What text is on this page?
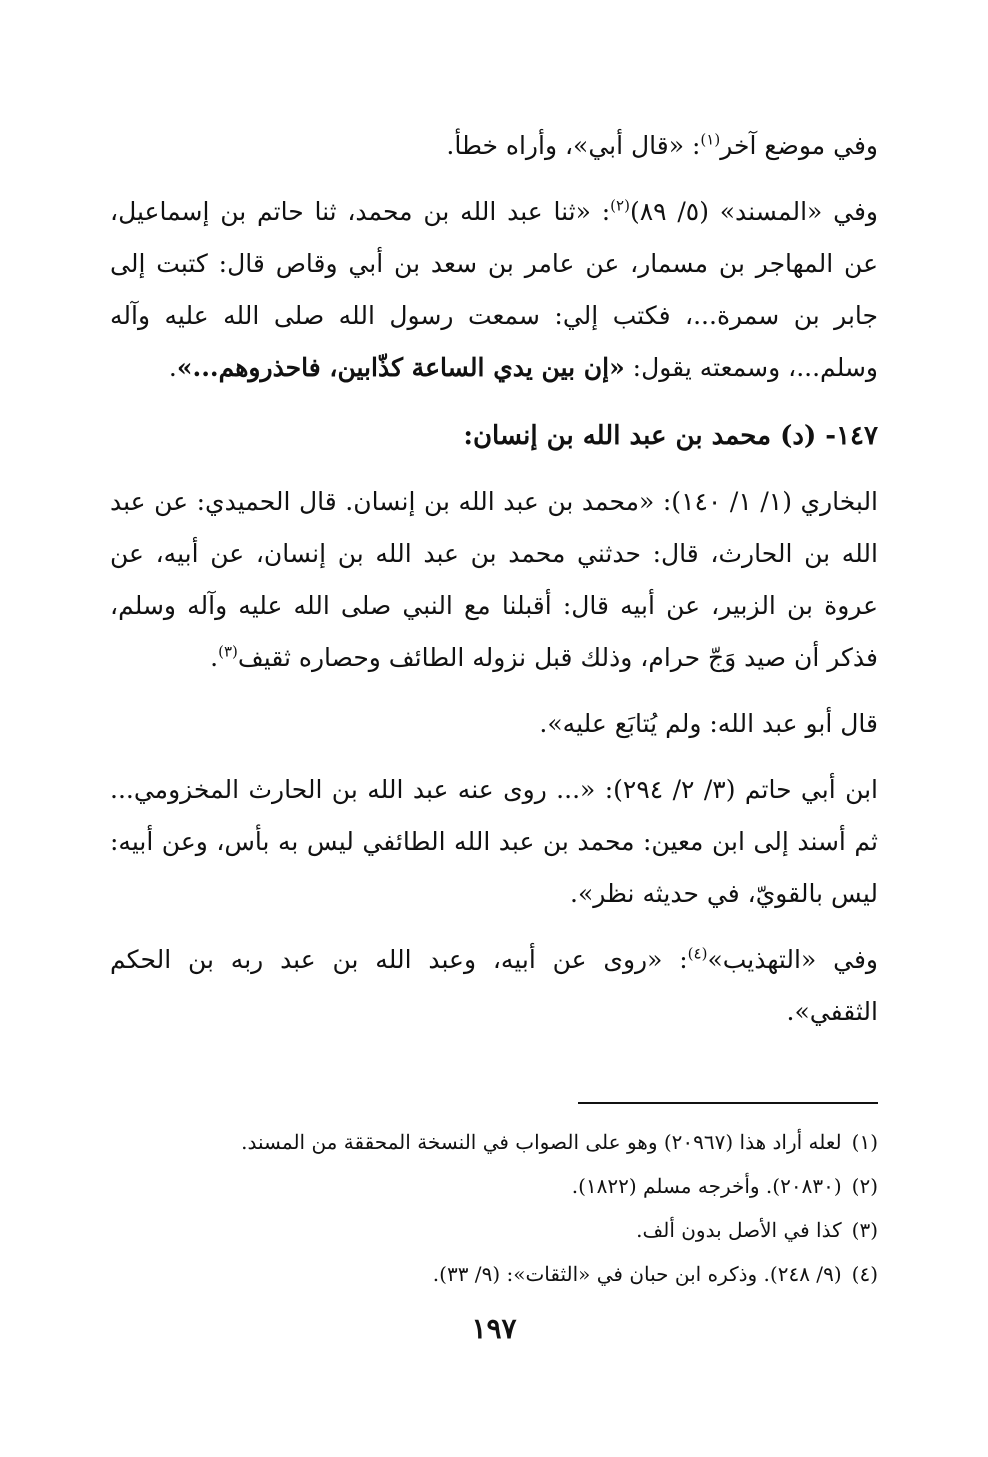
وفي موضع آخر$^{(١)}$: «قال أبي»، وأراه خطأ.

وفي «المسند» (٥/ ٨٩)$^{(٢)}$: «ثنا عبد الله بن محمد، ثنا حاتم بن إسماعيل، عن المهاجر بن مسمار، عن عامر بن سعد بن أبي وقاص قال: كتبت إلى جابر بن سمرة...، فكتب إلي: سمعت رسول الله صلى الله عليه وآله وسلم...، وسمعته يقول: «إن بين يدي الساعة كذّابين، فاحذروهم...».

١٤٧- (د) محمد بن عبد الله بن إنسان:

البخاري (١/ ١/ ١٤٠): «محمد بن عبد الله بن إنسان. قال الحميدي: عن عبد الله بن الحارث، قال: حدثني محمد بن عبد الله بن إنسان، عن أبيه، عن عروة بن الزبير، عن أبيه قال: أقبلنا مع النبي صلى الله عليه وآله وسلم، فذكر أن صيد وَجّ حرام، وذلك قبل نزوله الطائف وحصاره ثقيف$^{(٣)}$.

قال أبو عبد الله: ولم يُتابَع عليه».

ابن أبي حاتم (٣/ ٢/ ٢٩٤): «... روى عنه عبد الله بن الحارث المخزومي... ثم أسند إلى ابن معين: محمد بن عبد الله الطائفي ليس به بأس، وعن أبيه: ليس بالقويّ، في حديثه نظر».

وفي «التهذيب»$^{(٤)}$: «روى عن أبيه، وعبد الله بن عبد ربه بن الحكم الثقفي».

(١)لعله أراد هذا (٢٠٩٦٧) وهو على الصواب في النسخة المحققة من المسند.
(٢)(٢٠٨٣٠). وأخرجه مسلم (١٨٢٢).
(٣)كذا في الأصل بدون ألف.
(٤)(٩/ ٢٤٨). وذكره ابن حبان في «الثقات»: (٩/ ٣٣).
١٩٧
